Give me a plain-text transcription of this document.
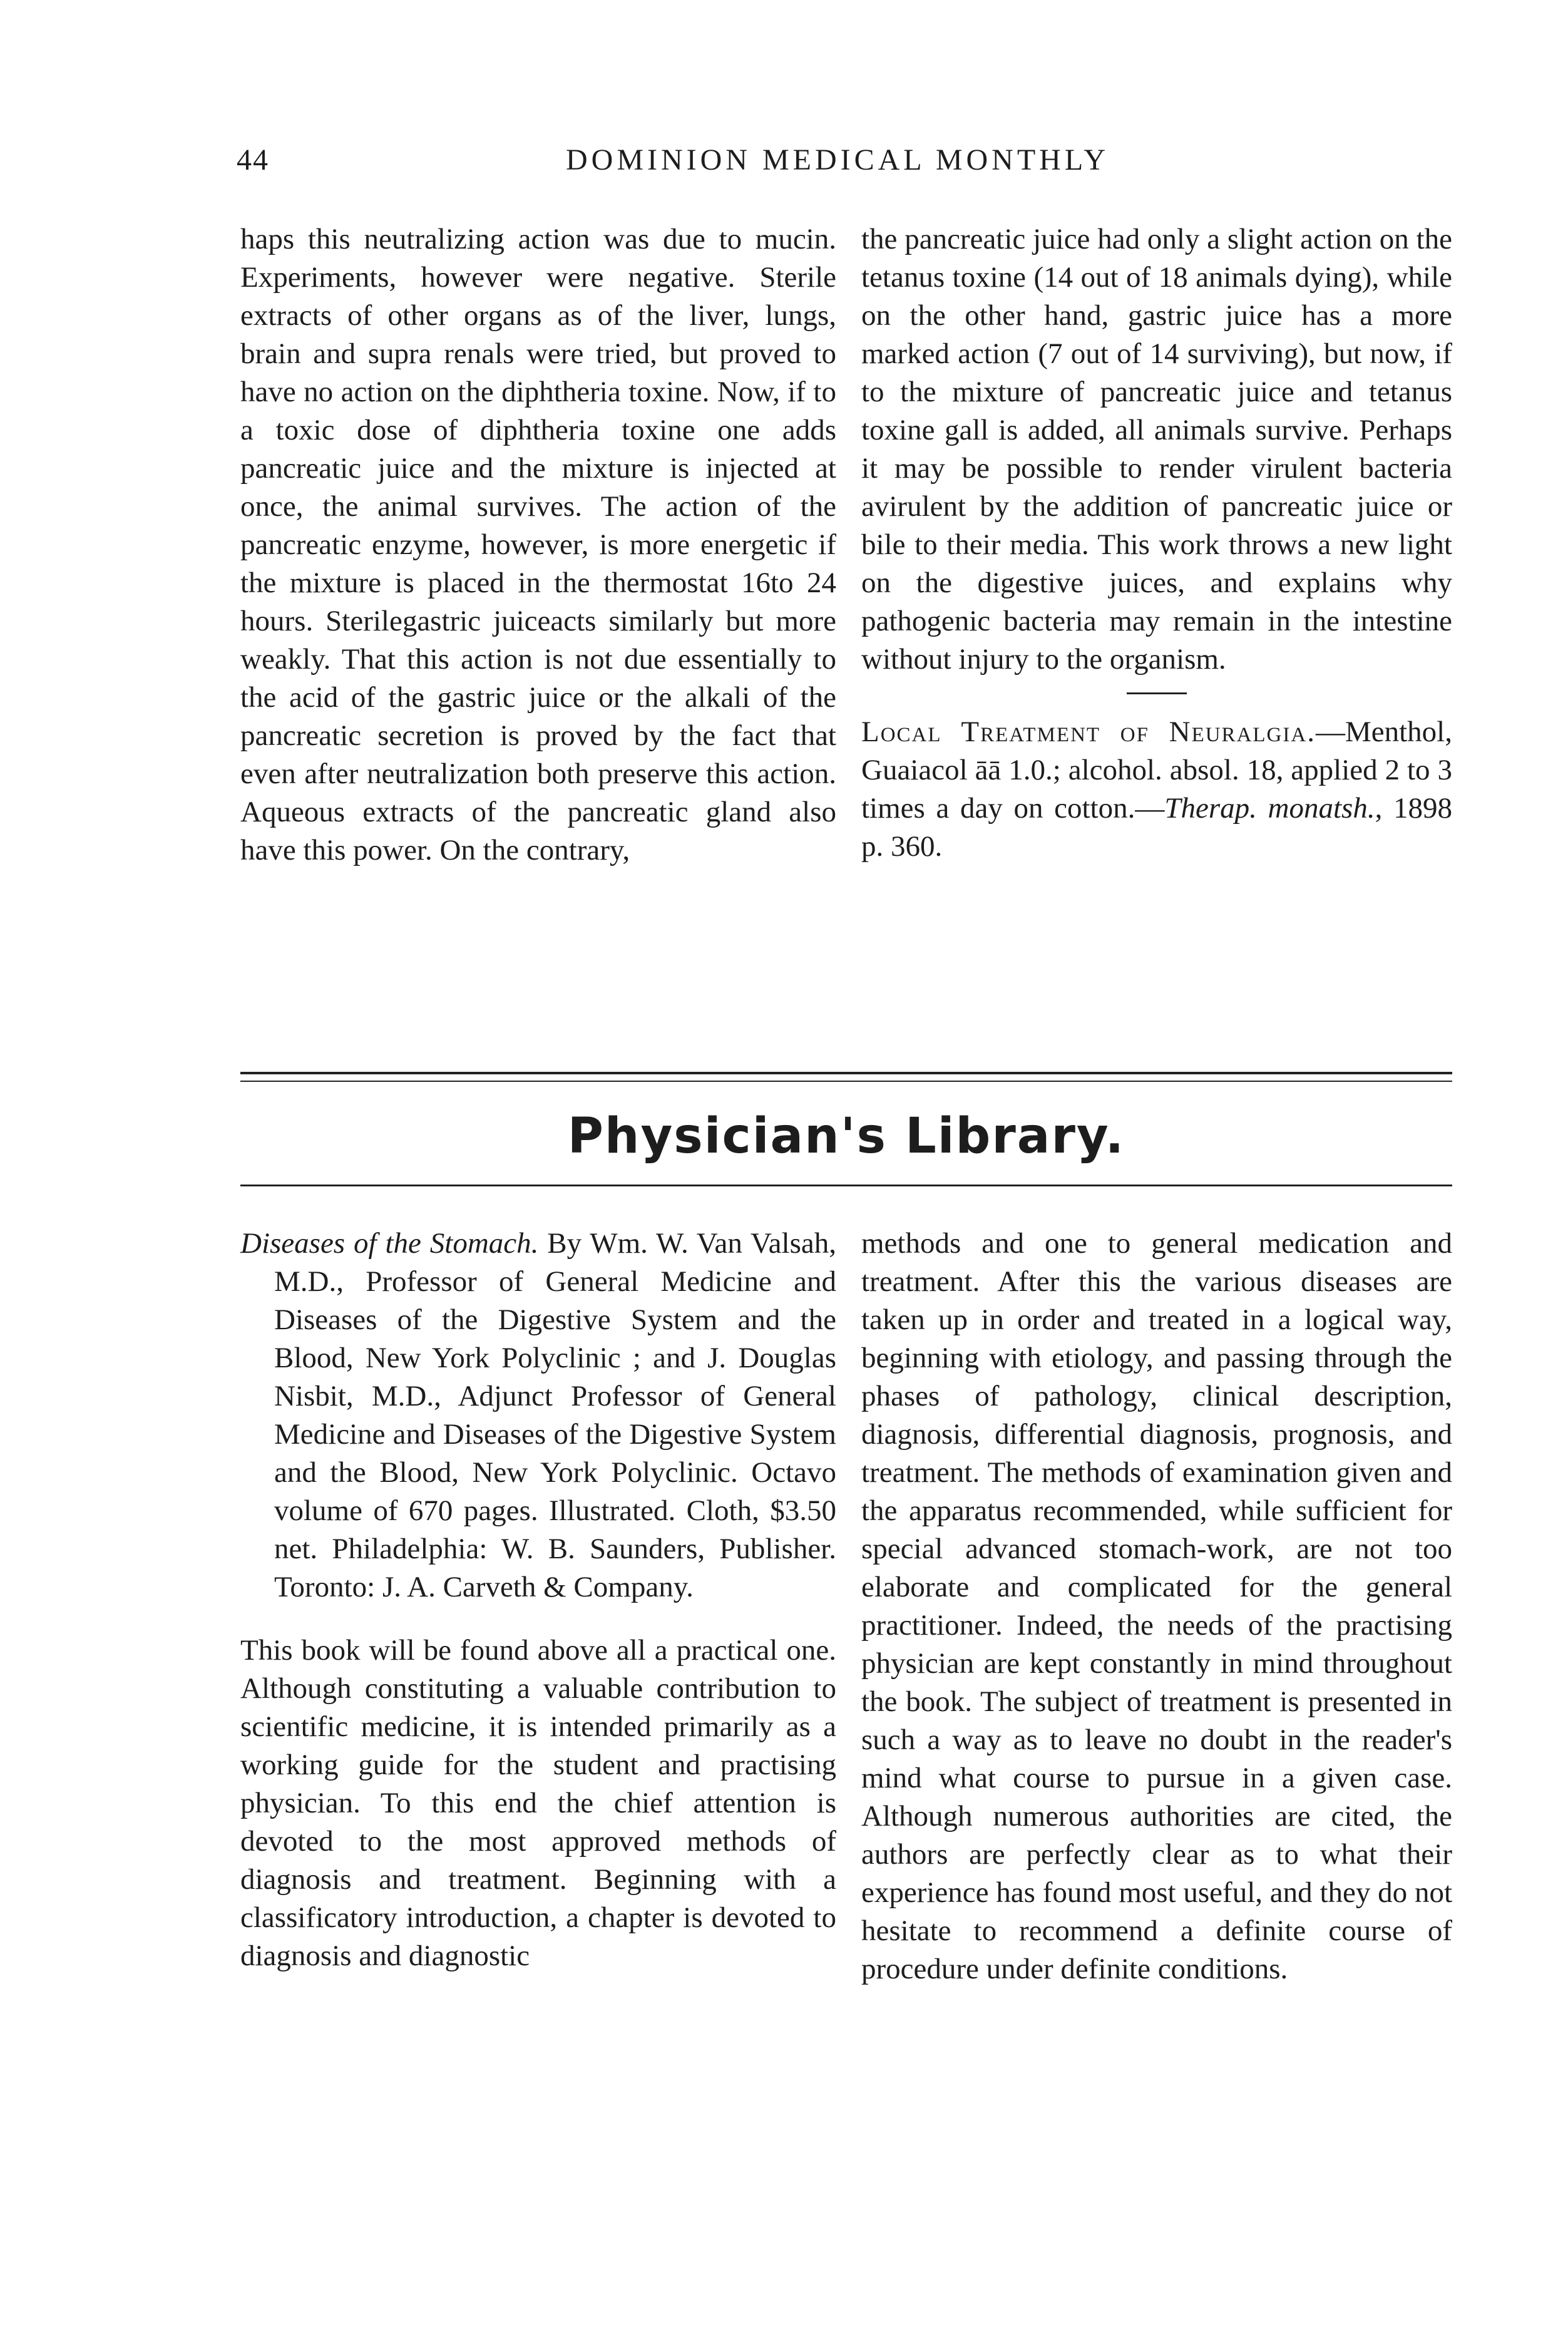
44	DOMINION MEDICAL MONTHLY

haps this neutralizing action was due to mucin. Experiments, however were negative. Sterile extracts of other organs as of the liver, lungs, brain and supra renals were tried, but proved to have no action on the diphtheria toxine. Now, if to a toxic dose of diphtheria toxine one adds pancreatic juice and the mixture is injected at once, the animal survives. The action of the pancreatic enzyme, however, is more energetic if the mixture is placed in the thermostat 16to 24 hours. Sterilegastric juiceacts similarly but more weakly. That this action is not due essentially to the acid of the gastric juice or the alkali of the pancreatic secretion is proved by the fact that even after neutralization both preserve this action. Aqueous extracts of the pancreatic gland also have this power. On the contrary,

the pancreatic juice had only a slight action on the tetanus toxine (14 out of 18 animals dying), while on the other hand, gastric juice has a more marked action (7 out of 14 surviving), but now, if to the mixture of pancreatic juice and tetanus toxine gall is added, all animals survive. Perhaps it may be possible to render virulent bacteria avirulent by the addition of pancreatic juice or bile to their media. This work throws a new light on the digestive juices, and explains why pathogenic bacteria may remain in the intestine without injury to the organism.

Local Treatment of Neuralgia.—Menthol, Guaiacol āā 1.0.; alcohol. absol. 18, applied 2 to 3 times a day on cotton.—Therap. monatsh., 1898 p. 360.

Physician's Library.

Diseases of the Stomach. By Wm. W. Van Valsah, M.D., Professor of General Medicine and Diseases of the Digestive System and the Blood, New York Polyclinic ; and J. Douglas Nisbit, M.D., Adjunct Professor of General Medicine and Diseases of the Digestive System and the Blood, New York Polyclinic. Octavo volume of 670 pages. Illustrated. Cloth, $3.50 net. Philadelphia: W. B. Saunders, Publisher. Toronto: J. A. Carveth & Company.

This book will be found above all a practical one. Although constituting a valuable contribution to scientific medicine, it is intended primarily as a working guide for the student and practising physician. To this end the chief attention is devoted to the most approved methods of diagnosis and treatment. Beginning with a classificatory introduction, a chapter is devoted to diagnosis and diagnostic

methods and one to general medication and treatment. After this the various diseases are taken up in order and treated in a logical way, beginning with etiology, and passing through the phases of pathology, clinical description, diagnosis, differential diagnosis, prognosis, and treatment. The methods of examination given and the apparatus recommended, while sufficient for special advanced stomach-work, are not too elaborate and complicated for the general practitioner. Indeed, the needs of the practising physician are kept constantly in mind throughout the book. The subject of treatment is presented in such a way as to leave no doubt in the reader's mind what course to pursue in a given case. Although numerous authorities are cited, the authors are perfectly clear as to what their experience has found most useful, and they do not hesitate to recommend a definite course of procedure under definite conditions.
